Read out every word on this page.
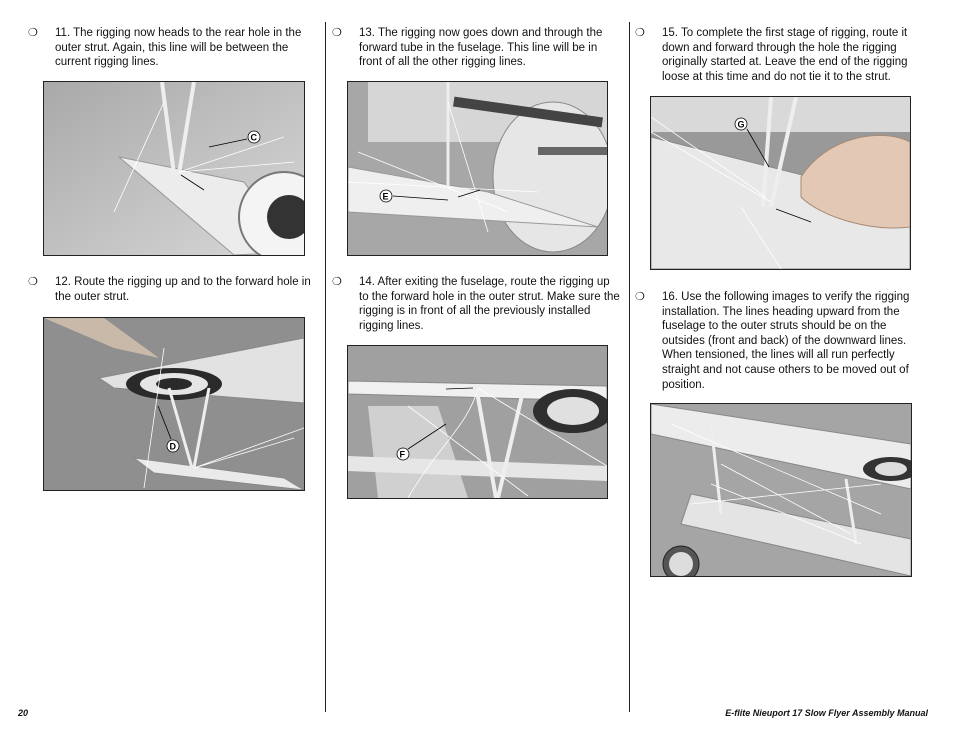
❍ 11. The rigging now heads to the rear hole in the outer strut. Again, this line will be between the current rigging lines.
C
❍ 12. Route the rigging up and to the forward hole in the outer strut.
D
❍ 13. The rigging now goes down and through the forward tube in the fuselage. This line will be in front of all the other rigging lines.
E
❍ 14. After exiting the fuselage, route the rigging up to the forward hole in the outer strut. Make sure the rigging is in front of all the previously installed rigging lines.
F
❍ 15. To complete the first stage of rigging, route it down and forward through the hole the rigging originally started at. Leave the end of the rigging loose at this time and do not tie it to the strut.
G
❍ 16. Use the following images to verify the rigging installation. The lines heading upward from the fuselage to the outer struts should be on the outsides (front and back) of the downward lines. When tensioned, the lines will all run perfectly straight and not cause others to be moved out of position.
20	E-flite Nieuport 17 Slow Flyer Assembly Manual
